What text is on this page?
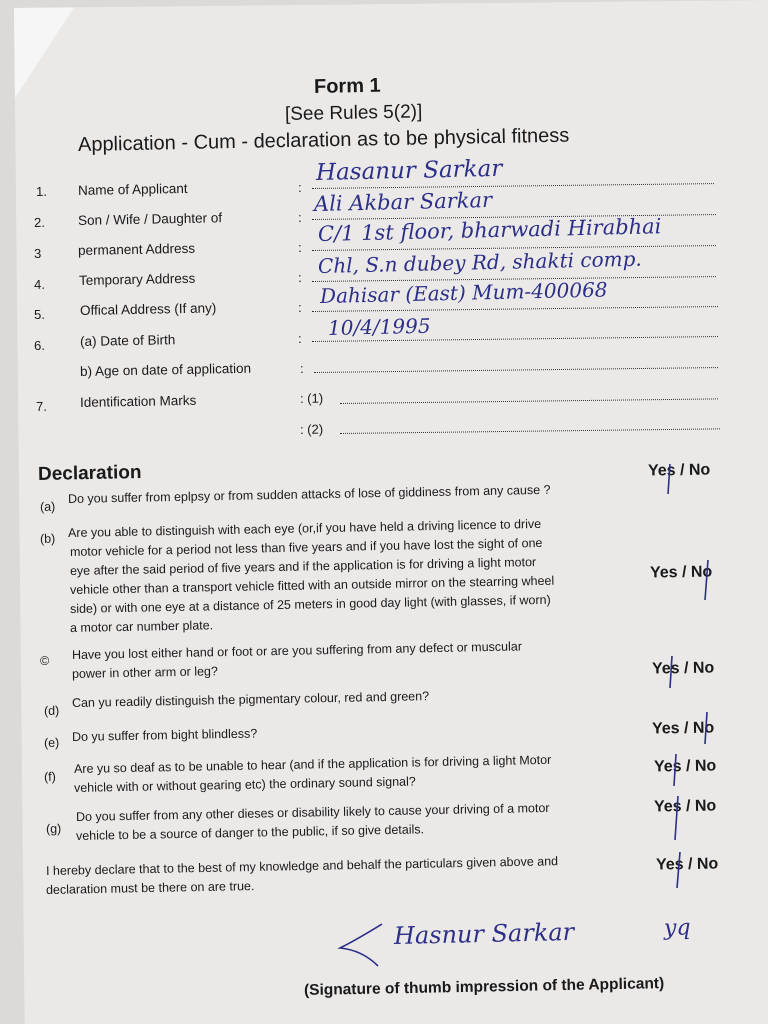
Form 1
[See Rules 5(2)]
Application - Cum - declaration as to be physical fitness
1. Name of Applicant	:
Hasanur Sarkar
2. Son / Wife / Daughter of	:
Ali Akbar Sarkar
3	permanent Address	:
C/1 1st floor, bharwadi Hirabhai
4.	Temporary Address	: Chl, S.n dubey Rd, shakti comp.
5.	Offical Address (If any)	: Dahisar (East) Mum-400068
6.	(a) Date of Birth	: 10/4/1995
b) Age on date of application	:
7. Identification Marks	: (1)
: (2)
Declaration
(a)
Do you suffer from eplpsy or from sudden attacks of lose of giddiness from any cause ?
Yes / No
(b) Are you able to distinguish with each eye (or,if you have held a driving licence to drive
motor vehicle for a period not less than five years and if you have lost the sight of one
eye after the said period of five years and if the application is for driving a light motor
vehicle other than a transport vehicle fitted with an outside mirror on the stearring wheel
side) or with one eye at a distance of 25 meters in good day light (with glasses, if worn)
a motor car number plate.
Yes / No
© Have you lost either hand or foot or are you suffering from any defect or muscular
power in other arm or leg?	Yes / No
(d)
Can yu readily distinguish the pigmentary colour, red and green?
(e) Do yu suffer from bight blindless?	Yes / No
(f)
Are yu so deaf as to be unable to hear (and if the application is for driving a light Motor
vehicle with or without gearing etc) the ordinary sound signal?
Yes / No
(g)
Do you suffer from any other dieses or disability likely to cause your driving of a motor
vehicle to be a source of danger to the public, if so give details.
Yes / No
I hereby declare that to the best of my knowledge and behalf the particulars given above and
declaration must be there on are true.
Yes / No
Hasnur Sarkar	yq
(Signature of thumb impression of the Applicant)
